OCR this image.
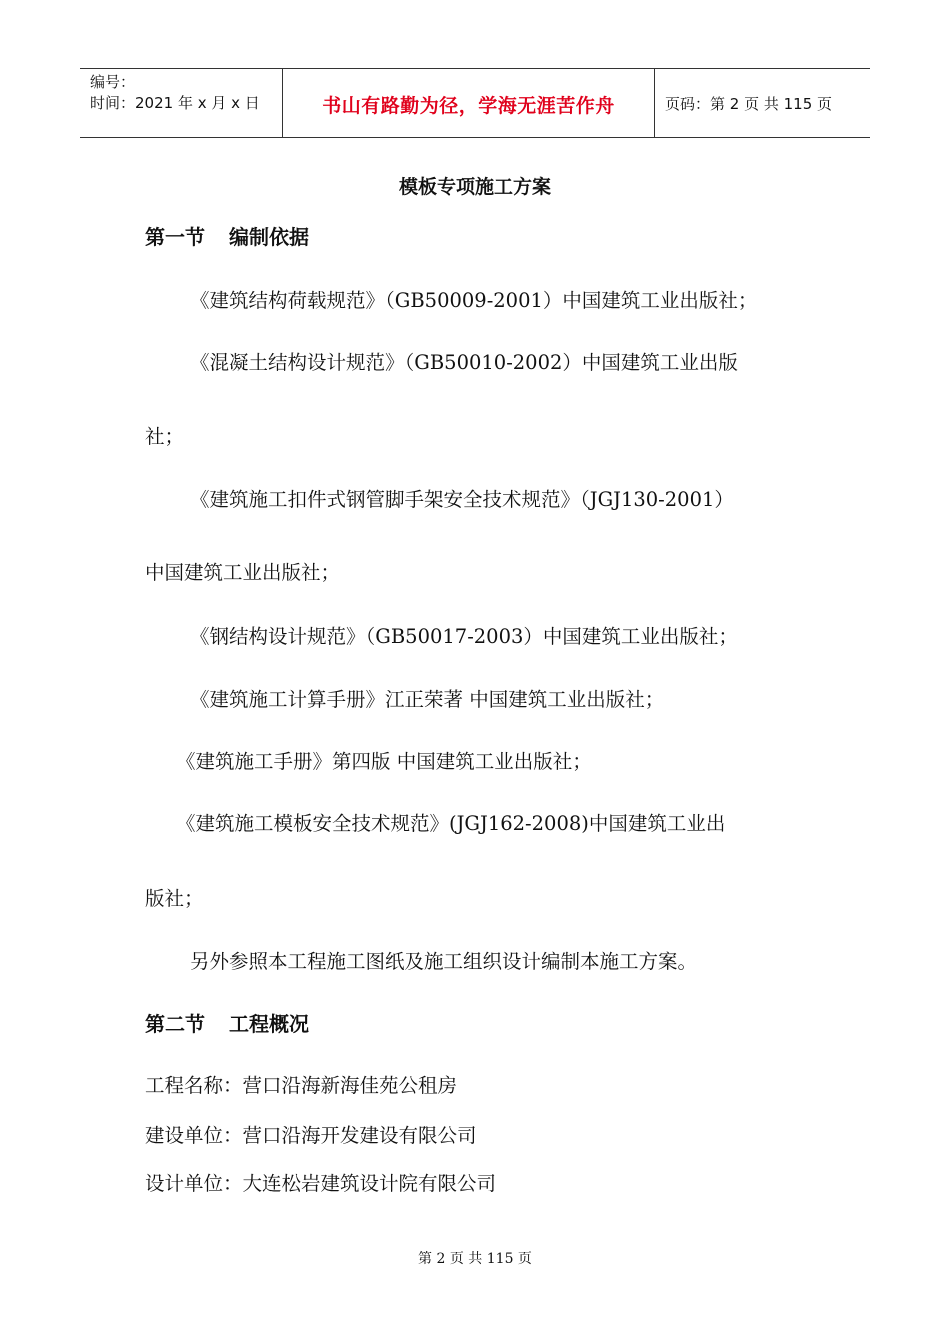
编号：
时间：2021 年 x 月 x 日	书山有路勤为径，学海无涯苦作舟	页码：第 2 页 共 115 页
模板专项施工方案
第一节 编制依据
《建筑结构荷载规范》（GB50009-2001）中国建筑工业出版社；
《混凝土结构设计规范》（GB50010-2002）中国建筑工业出版
社；
《建筑施工扣件式钢管脚手架安全技术规范》（JGJ130-2001）
中国建筑工业出版社；
《钢结构设计规范》（GB50017-2003）中国建筑工业出版社；
《建筑施工计算手册》江正荣著 中国建筑工业出版社；
《建筑施工手册》第四版 中国建筑工业出版社；
《建筑施工模板安全技术规范》(JGJ162-2008)中国建筑工业出
版社；
另外参照本工程施工图纸及施工组织设计编制本施工方案。
第二节 工程概况
工程名称：营口沿海新海佳苑公租房
建设单位：营口沿海开发建设有限公司
设计单位：大连松岩建筑设计院有限公司
第 2 页 共 115 页
